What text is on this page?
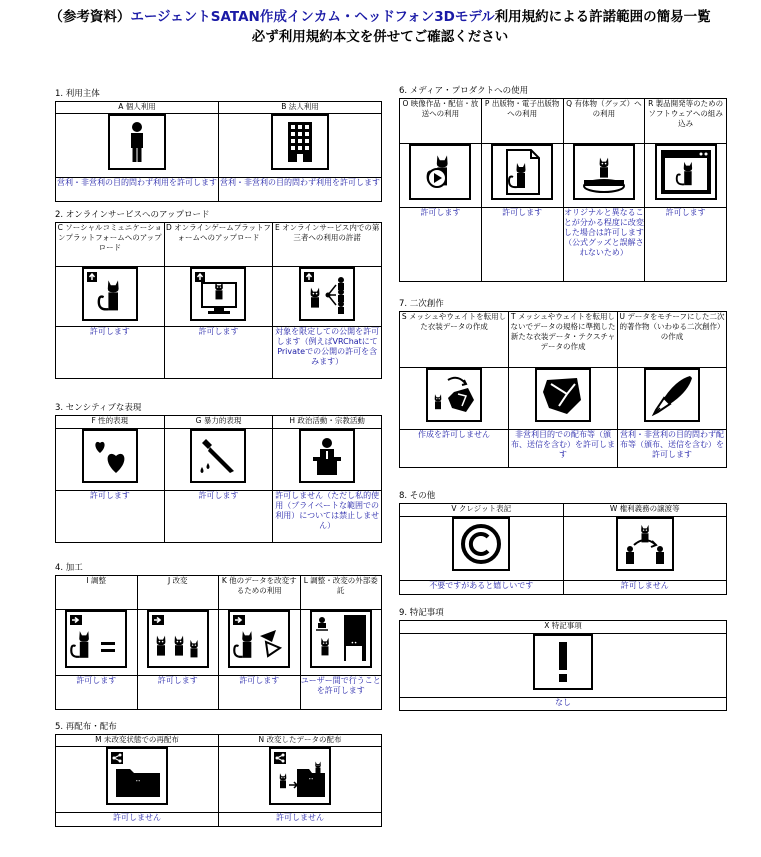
（参考資料）エージェントSATAN作成インカム・ヘッドフォン3Dモデル利用規約による許諾範囲の簡易一覧
必ず利用規約本文を併せてご確認ください
1. 利用主体
A 個人利用	B 法人利用

営利・非営利の目的問わず利用を許可します	営利・非営利の目的問わず利用を許可します
2. オンラインサービスへのアップロード
C ソーシャルコミュニケーションプラットフォームへのアップロード	D オンラインゲームプラットフォームへのアップロード	E オンラインサービス内での第三者への利用の許諾

許可します	許可します	対象を限定しての公開を許可します（例えばVRChatにてPrivateでの公開の許可を含みます）
3. センシティブな表現
F 性的表現	G 暴力的表現	H 政治活動・宗教活動

許可します	許可します	許可しません（ただし私的使用（プライベートな範囲での利用）については禁止しません）
4. 加工
I 調整	J 改変	K 他のデータを改変するための利用	L 調整・改変の外部委託

許可します	許可します	許可します	ユーザー間で行うことを許可します
5. 再配布・配布
M 未改変状態での再配布	N 改変したデータの配布

許可しません	許可しません
6. メディア・プロダクトへの使用
O 映像作品・配信・放送への利用	P 出版物・電子出版物への利用	Q 有体物（グッズ）への利用	R 製品開発等のためのソフトウェアへの組み込み

許可します	許可します	オリジナルと異なることが分かる程度に改変した場合は許可します（公式グッズと誤解されないため）	許可します
7. 二次創作
S メッシュやウェイトを転用した衣装データの作成	T メッシュやウェイトを転用しないでデータの規格に準拠した新たな衣装データ・テクスチャデータの作成	U データをモチーフにした二次的著作物（いわゆる二次創作）の作成

作成を許可しません	非営利目的での配布等（頒布、送信を含む）を許可します	営利・非営利の目的問わず配布等（頒布、送信を含む）を許可します
8. その他
V クレジット表記	W 権利義務の譲渡等

不要ですがあると嬉しいです	許可しません
9. 特記事項
X 特記事項

なし
